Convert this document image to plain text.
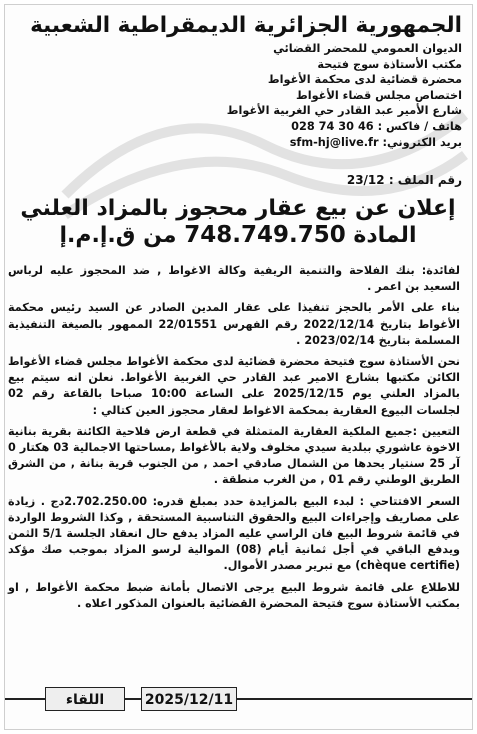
الجمهورية الجزائرية الديمقراطية الشعبية
الديوان العمومي للمحضر القضائي
مكتب الأستاذة سوج فتيحة
محضرة قضائية لدى محكمة الأغواط
اختصاص مجلس قضاء الأغواط
شارع الأمير عبد القادر حي الغربية الأغواط
هاتف / فاكس : 028 74 30 46
بريد الكتروني: sfm-hj@live.fr
رقم الملف : 23/12
إعلان عن بيع عقار محجوز بالمزاد العلني
المادة 748.749.750 من ق.إ.م.إ

لفائدة: بنك الفلاحة والتنمية الريفية وكالة الاغواط , ضد المحجوز عليه لرباس السعيد بن اعمر .

بناء على الأمر بالحجز تنفيذا على عقار المدين الصادر عن السيد رئيس محكمة الأغواط بتاريخ 2022/12/14 رقم الفهرس 22/01551 الممهور بالصيغة التنفيذية المسلمة بتاريخ 2023/02/14 .

نحن الأستاذة سوج فتيحة محضرة قضائية لدى محكمة الأغواط مجلس قضاء الأغواط الكائن مكتبها بشارع الامير عبد القادر حي الغربية الأغواط. نعلن انه سيتم بيع بالمزاد العلني يوم 2025/12/15 على الساعة 10:00 صباحا بالقاعة رقم 02 لجلسات البيوع العقارية بمحكمة الاغواط لعقار محجوز العين كتالي :

التعيين :جميع الملكية العقارية المتمثلة في قطعة ارض فلاحية الكائنة بقرية بنانية الاخوة عاشوري ببلدية سيدي مخلوف ولاية بالأغواط ,مساحتها الاجمالية 03 هكتار 0 آر 25 سنتيار يحدها من الشمال صادقي احمد , من الجنوب قرية بنانة , من الشرق الطريق الوطني رقم 01 , من الغرب منطقة .

السعر الافتتاحي : لبدء البيع بالمزايدة حدد بمبلغ قدره: 2.702.250.00دج . زيادة على مصاريف وإجراءات البيع والحقوق التناسبية المستحقة , وكذا الشروط الواردة في قائمة شروط البيع فان الراسي عليه المزاد يدفع حال انعقاد الجلسة 5/1 الثمن ويدفع الباقي في أجل ثمانية أيام (08) الموالية لرسو المزاد بموجب صك مؤكد (chèque certifie) مع تبرير مصدر الأموال.

للاطلاع على قائمة شروط البيع يرجى الاتصال بأمانة ضبط محكمة الأغواط , او بمكتب الأستاذة سوج فتيحة المحضرة القضائية بالعنوان المذكور اعلاه .

اللقاء	2025/12/11
